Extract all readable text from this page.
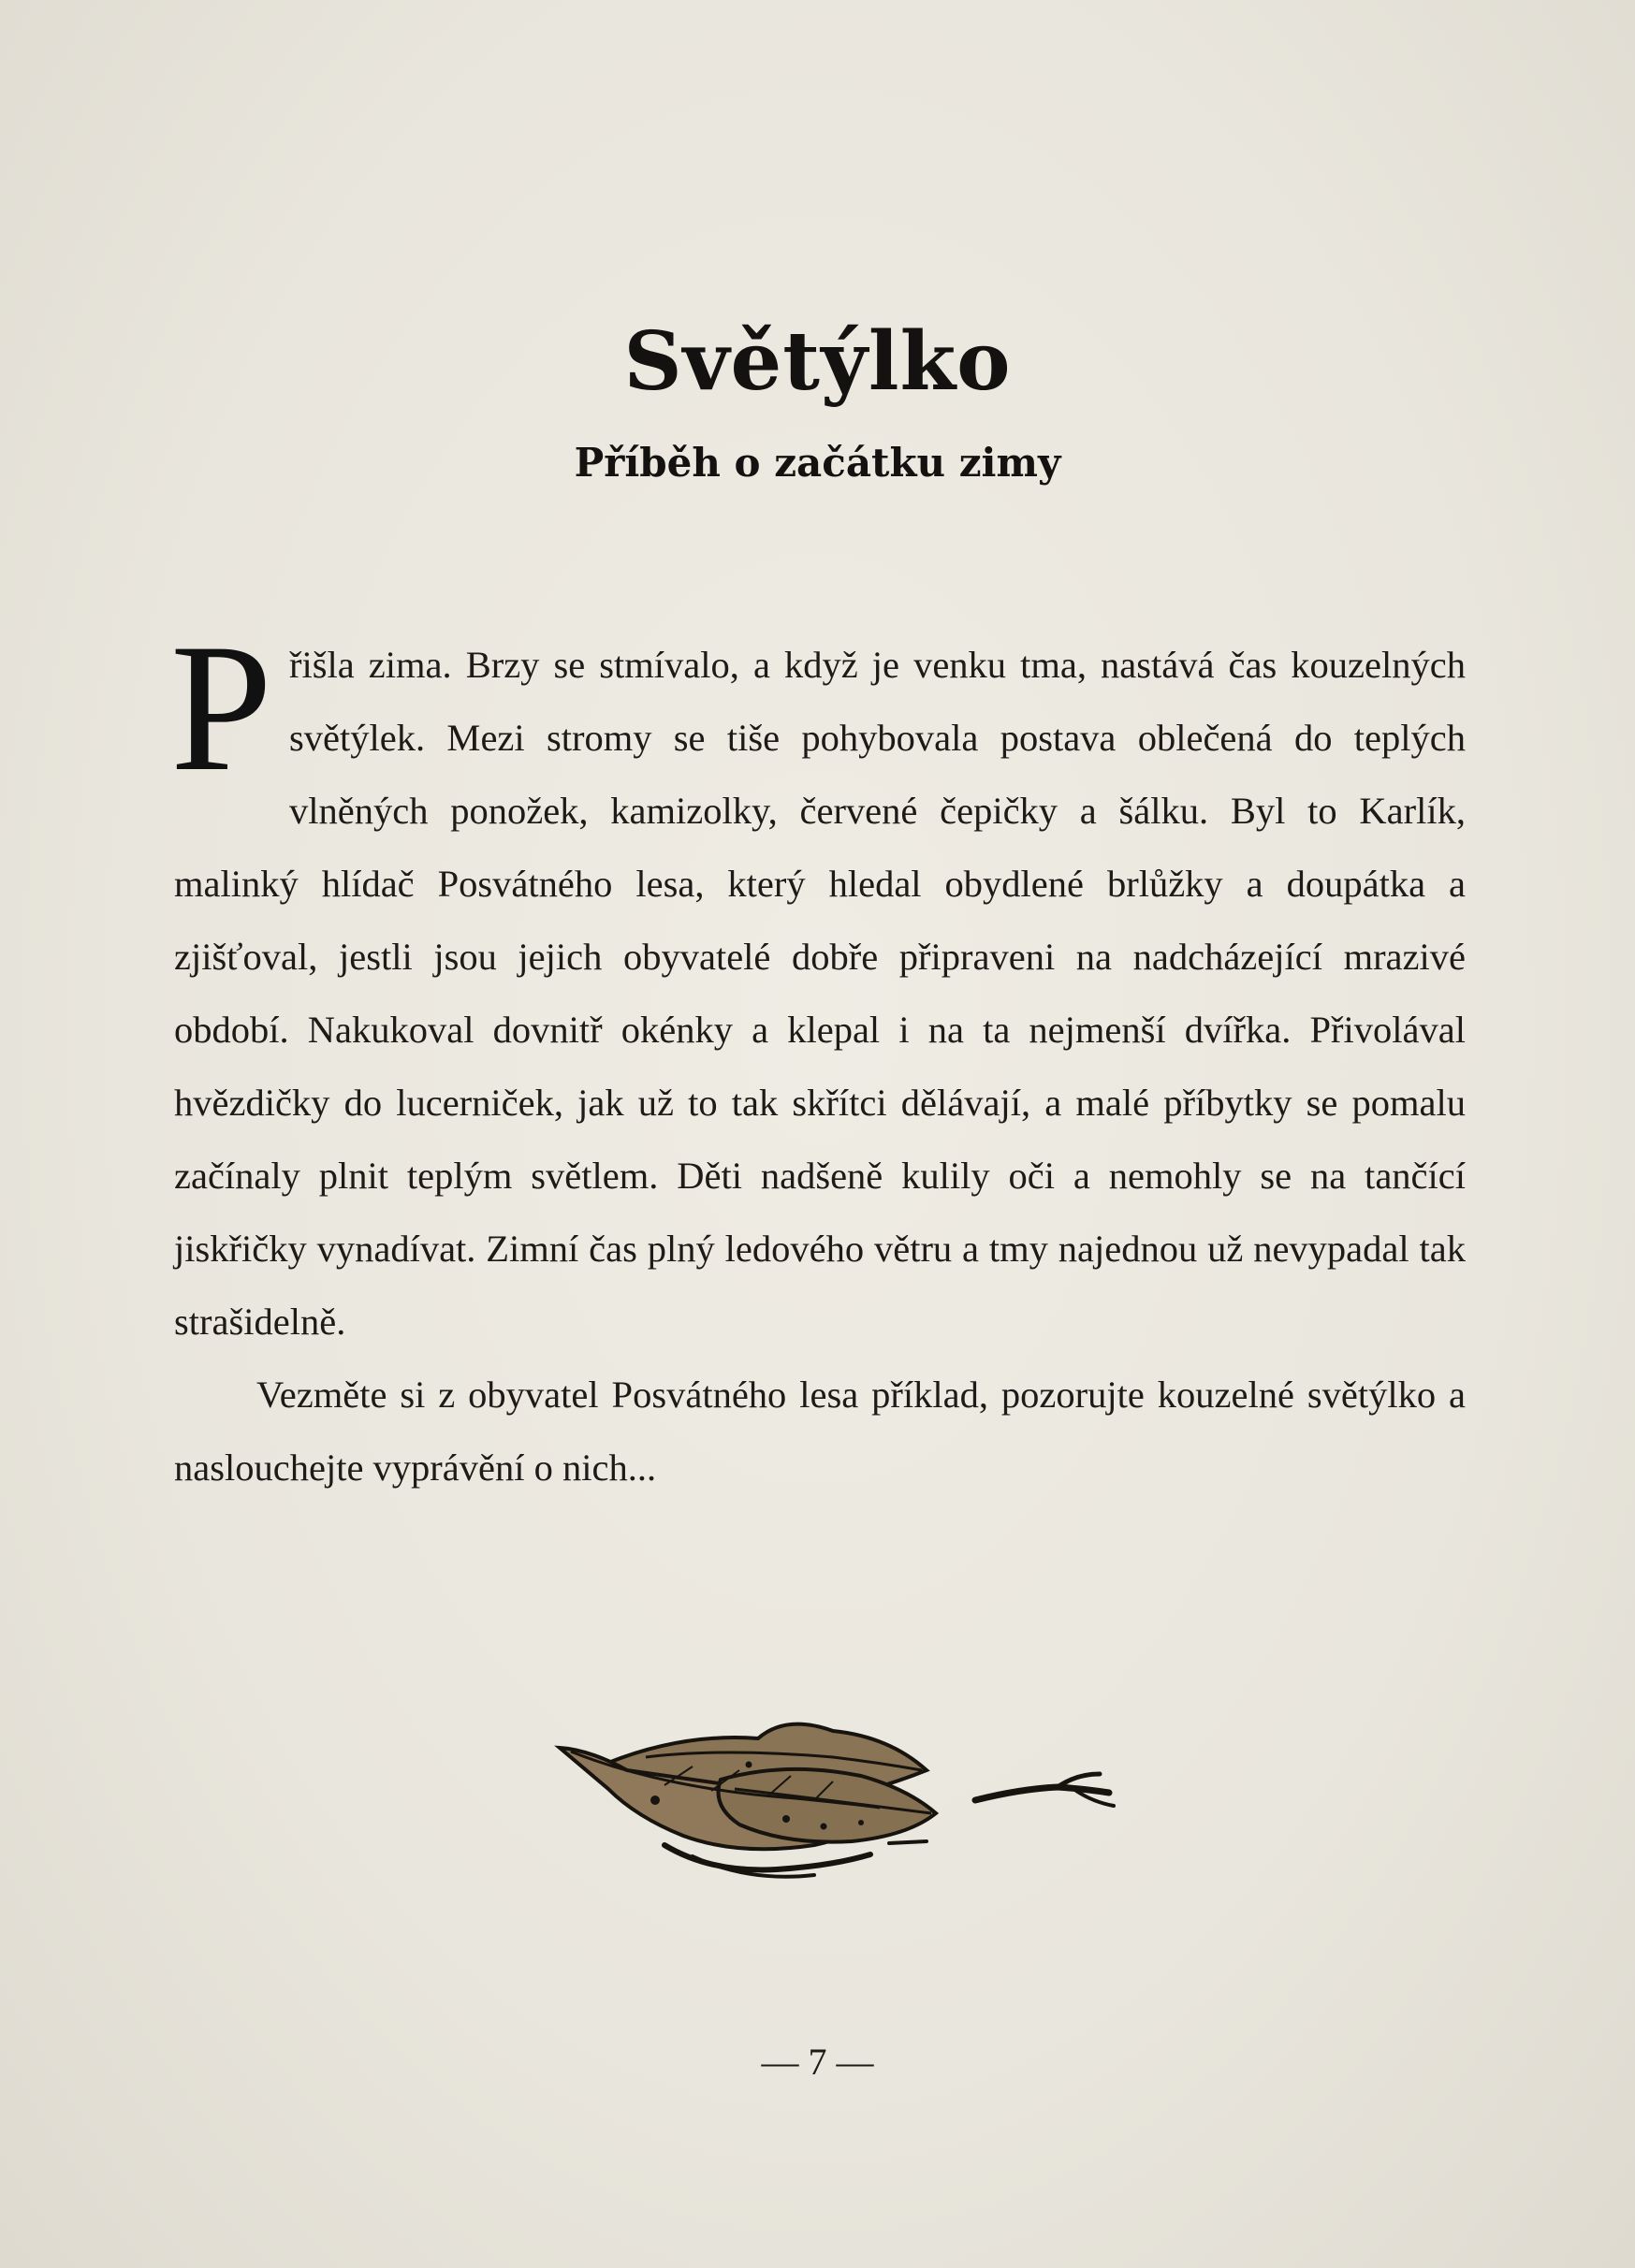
Světýlko
Příběh o začátku zimy

Přišla zima. Brzy se stmívalo, a když je venku tma, nastává čas kouzelných světýlek. Mezi stromy se tiše pohybovala postava oblečená do teplých vlněných ponožek, kamizolky, červené čepičky a šálku. Byl to Karlík, malinký hlídač Posvátného lesa, který hledal obydlené brlůžky a doupátka a zjišťoval, jestli jsou jejich obyvatelé dobře připraveni na nadcházející mrazivé období. Nakukoval dovnitř okénky a klepal i na ta nejmenší dvířka. Přivolával hvězdičky do lucerniček, jak už to tak skřítci dělávají, a malé příbytky se pomalu začínaly plnit teplým světlem. Děti nadšeně kulily oči a nemohly se na tančící jiskřičky vynadívat. Zimní čas plný ledového větru a tmy najednou už nevypadal tak strašidelně.

Vezměte si z obyvatel Posvátného lesa příklad, pozorujte kouzelné světýlko a naslouchejte vyprávění o nich...

— 7 —
